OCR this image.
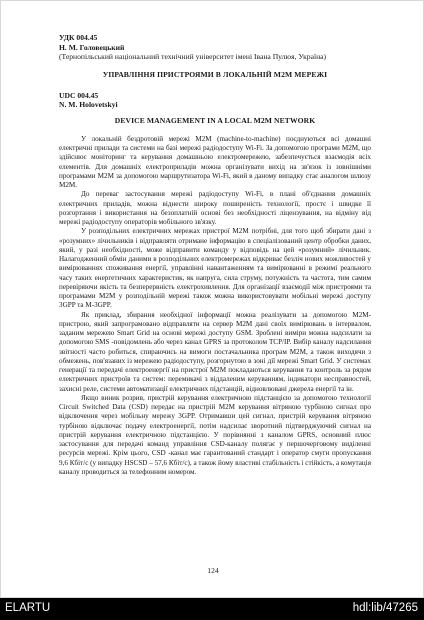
УДК 004.45
Н. М. Головецький
(Тернопільський національний технічний університет імені Івана Пулюя, Україна)
УПРАВЛІННЯ ПРИСТРОЯМИ В ЛОКАЛЬНІЙ M2M МЕРЕЖІ
UDC 004.45
N. M. Holovetskyi
DEVICE MANAGEMENT IN A LOCAL M2M NETWORK

У локальній бездротовій мережі M2M (machine-to-machine) поєднуються всі домашні електричні прилади та системи на базі мережі радіодоступу Wi-Fi. За допомогою програми M2M, що здійснює моніторинг та керування домашньою електромережею, забезпечується взаємодія всіх елементів. Для домашніх електроприладів можна організувати вихід на зв'язок із зовнішніми програмами M2M за допомогою маршрутизатора Wi-Fi, який в даному випадку стає аналогом шлюзу M2M.

До переваг застосування мережі радіодоступу Wi-Fi, в плані об'єднання домашніх електричних приладів, можна віднести широку поширеність технології, простє і швидке її розгортання і використання на безоплатній основі без необхідності ліцензування, на відміну від мережі радіодоступу операторів мобільного зв'язку.

У розподільних електричних мережах пристрої M2M потрібні, для того щоб збирати дані з «розумних» лічильників і відправляти отримане інформацію в спеціалізований центр обробки даних, який, у разі необхідності, може відправити команду у відповідь на цей «розумний» лічильник. Налагодженний обмін даними в розподільних електромережах відкриває безліч нових можливостей у вимірюваннях споживання енергії, управлінні навантаженням та вимірюванні в режимі реального часу таких енергетичних характеристик, як напруга, сила струму, потужність та частота, тим самим перевіряючи якість та безперервність електрохивлення. Для організації взаємодії між пристроями та програмами M2M у розподільній мережі також можна використовувати мобільні мережі доступу 3GPP та M-3GPP.

Як приклад, збирання необхідної інформації можна реалізувати за допомогою M2M-пристрою, який запрограмовано відправляти на сервер M2M дані своїх вимірювань в інтервалом, заданим мережею Smart Grid на основі мережі доступу GSM. Зроблені виміри можна надсилати за допомогою SMS -повідомлень або через канал GPRS за протоколом TCP/IP. Вибір каналу надсилання звітності часто робиться, спираючись на вимоги постачальника програм M2M, а також виходячи з обмежень, пов'язаних із мережею радіодоступу, розгорнутою в зоні дії мережі Smart Grid. У системах генерації та передачі електроенергії на пристрої M2M покладаються керування та контроль за рядом електричних пристроїв та систем: перемикачі з віддаленим керуванням, індикатори несправностей, захисні реле, системи автоматизації електричних підстанцій, відновлювані джерела енергії та ін.

Якщо виник розрив, пристрій керування електричною підстанцією за допомогою технології Circuit Switched Data (CSD) передає на пристрій M2M керування вітряною турбіною сигнал про відключення через мобільну мережу 3GPP. Отримавши цей сигнал, пристрій керування вітряною турбіною відключає подачу електроенергії, потім надсилає зворотний підтверджуючий сигнал на пристрій керування електричною підстанцією. У порівнянні з каналом GPRS, основний плюс застосування для передачі команд управління CSD-каналу полягає у першочерговому виділенні ресурсів мережі. Крім цього, CSD -канал має гарантований стандарт і оператор смуги пропускання 9,6 Кбіт/с (у випадку HSCSD – 57,6 Кбіт/с), а також йому властиві стабільність і стійкість, а комутація каналу проводиться за телефонним номером.

124
ELARTU	hdl:lib/47265
